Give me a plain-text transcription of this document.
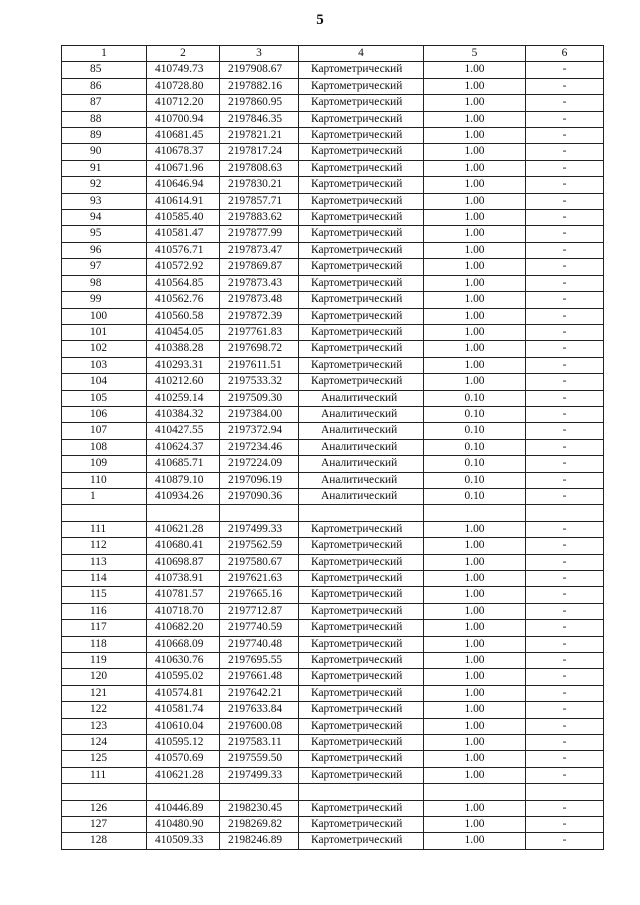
5
1	2	3	4	5	6
85	410749.73	2197908.67	Картометрический	1.00	-
86	410728.80	2197882.16	Картометрический	1.00	-
87	410712.20	2197860.95	Картометрический	1.00	-
88	410700.94	2197846.35	Картометрический	1.00	-
89	410681.45	2197821.21	Картометрический	1.00	-
90	410678.37	2197817.24	Картометрический	1.00	-
91	410671.96	2197808.63	Картометрический	1.00	-
92	410646.94	2197830.21	Картометрический	1.00	-
93	410614.91	2197857.71	Картометрический	1.00	-
94	410585.40	2197883.62	Картометрический	1.00	-
95	410581.47	2197877.99	Картометрический	1.00	-
96	410576.71	2197873.47	Картометрический	1.00	-
97	410572.92	2197869.87	Картометрический	1.00	-
98	410564.85	2197873.43	Картометрический	1.00	-
99	410562.76	2197873.48	Картометрический	1.00	-
100	410560.58	2197872.39	Картометрический	1.00	-
101	410454.05	2197761.83	Картометрический	1.00	-
102	410388.28	2197698.72	Картометрический	1.00	-
103	410293.31	2197611.51	Картометрический	1.00	-
104	410212.60	2197533.32	Картометрический	1.00	-
105	410259.14	2197509.30	Аналитический	0.10	-
106	410384.32	2197384.00	Аналитический	0.10	-
107	410427.55	2197372.94	Аналитический	0.10	-
108	410624.37	2197234.46	Аналитический	0.10	-
109	410685.71	2197224.09	Аналитический	0.10	-
110	410879.10	2197096.19	Аналитический	0.10	-
1	410934.26	2197090.36	Аналитический	0.10	-

111	410621.28	2197499.33	Картометрический	1.00	-
112	410680.41	2197562.59	Картометрический	1.00	-
113	410698.87	2197580.67	Картометрический	1.00	-
114	410738.91	2197621.63	Картометрический	1.00	-
115	410781.57	2197665.16	Картометрический	1.00	-
116	410718.70	2197712.87	Картометрический	1.00	-
117	410682.20	2197740.59	Картометрический	1.00	-
118	410668.09	2197740.48	Картометрический	1.00	-
119	410630.76	2197695.55	Картометрический	1.00	-
120	410595.02	2197661.48	Картометрический	1.00	-
121	410574.81	2197642.21	Картометрический	1.00	-
122	410581.74	2197633.84	Картометрический	1.00	-
123	410610.04	2197600.08	Картометрический	1.00	-
124	410595.12	2197583.11	Картометрический	1.00	-
125	410570.69	2197559.50	Картометрический	1.00	-
111	410621.28	2197499.33	Картометрический	1.00	-

126	410446.89	2198230.45	Картометрический	1.00	-
127	410480.90	2198269.82	Картометрический	1.00	-
128	410509.33	2198246.89	Картометрический	1.00	-
